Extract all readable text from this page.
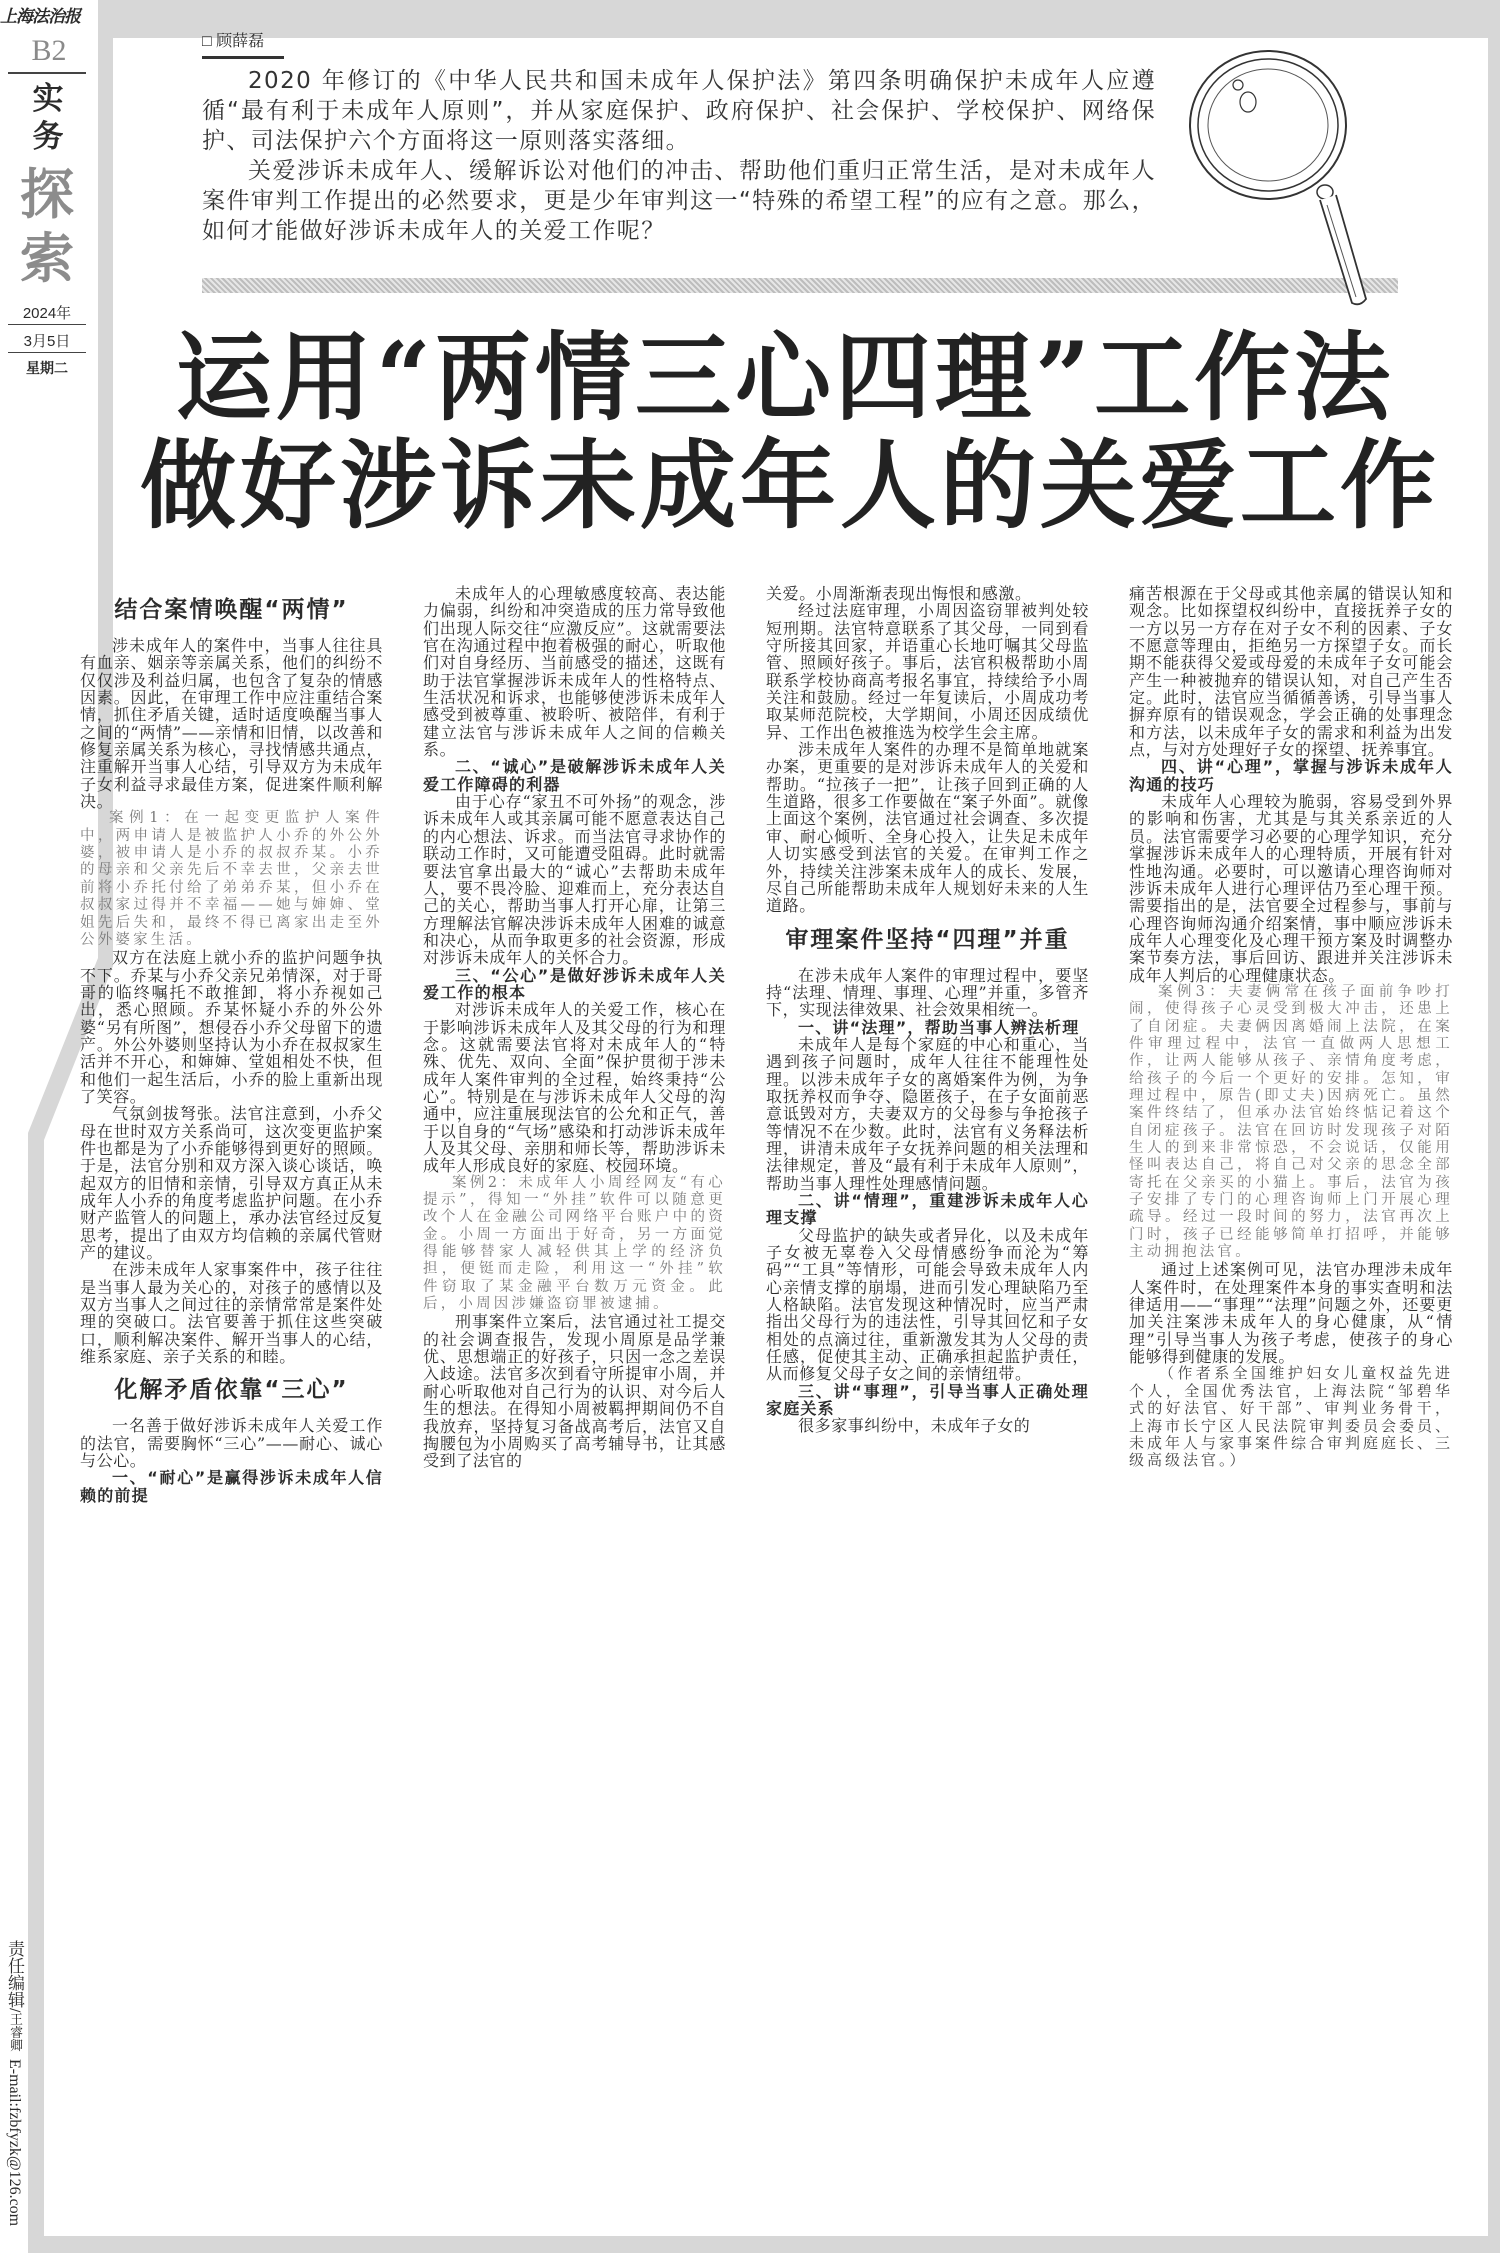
上海法治报
B2
实务
探索
2024年
3月5日
星期二
责任编辑/王睿卿E-mail:fzbfyzk@126.com
□ 顾薛磊

2020 年修订的《中华人民共和国未成年人保护法》第四条明确保护未成年人应遵循“最有利于未成年人原则”，并从家庭保护、政府保护、社会保护、学校保护、网络保护、司法保护六个方面将这一原则落实落细。

关爱涉诉未成年人、缓解诉讼对他们的冲击、帮助他们重归正常生活，是对未成年人案件审判工作提出的必然要求，更是少年审判这一“特殊的希望工程”的应有之意。那么，如何才能做好涉诉未成年人的关爱工作呢？

运用“两情三心四理”工作法
做好涉诉未成年人的关爱工作

结合案情唤醒“两情”

涉未成年人的案件中，当事人往往具有血亲、姻亲等亲属关系，他们的纠纷不仅仅涉及利益归属，也包含了复杂的情感因素。因此，在审理工作中应注重结合案情，抓住矛盾关键，适时适度唤醒当事人之间的“两情”——亲情和旧情，以改善和修复亲属关系为核心，寻找情感共通点，注重解开当事人心结，引导双方为未成年子女利益寻求最佳方案，促进案件顺利解决。

案例1：在一起变更监护人案件中，两申请人是被监护人小乔的外公外婆，被申请人是小乔的叔叔乔某。小乔的母亲和父亲先后不幸去世，父亲去世前将小乔托付给了弟弟乔某，但小乔在叔叔家过得并不幸福——她与婶婶、堂姐先后失和，最终不得已离家出走至外公外婆家生活。

双方在法庭上就小乔的监护问题争执不下。乔某与小乔父亲兄弟情深，对于哥哥的临终嘱托不敢推卸，将小乔视如己出，悉心照顾。乔某怀疑小乔的外公外婆“另有所图”，想侵吞小乔父母留下的遗产。外公外婆则坚持认为小乔在叔叔家生活并不开心，和婶婶、堂姐相处不快，但和他们一起生活后，小乔的脸上重新出现了笑容。

气氛剑拔弩张。法官注意到，小乔父母在世时双方关系尚可，这次变更监护案件也都是为了小乔能够得到更好的照顾。于是，法官分别和双方深入谈心谈话，唤起双方的旧情和亲情，引导双方真正从未成年人小乔的角度考虑监护问题。在小乔财产监管人的问题上，承办法官经过反复思考，提出了由双方均信赖的亲属代管财产的建议。

在涉未成年人家事案件中，孩子往往是当事人最为关心的，对孩子的感情以及双方当事人之间过往的亲情常常是案件处理的突破口。法官要善于抓住这些突破口，顺利解决案件、解开当事人的心结，维系家庭、亲子关系的和睦。

化解矛盾依靠“三心”

一名善于做好涉诉未成年人关爱工作的法官，需要胸怀“三心”——耐心、诚心与公心。

一、“耐心”是赢得涉诉未成年人信赖的前提

未成年人的心理敏感度较高、表达能力偏弱，纠纷和冲突造成的压力常导致他们出现人际交往“应激反应”。这就需要法官在沟通过程中抱着极强的耐心，听取他们对自身经历、当前感受的描述，这既有助于法官掌握涉诉未成年人的性格特点、生活状况和诉求，也能够使涉诉未成年人感受到被尊重、被聆听、被陪伴，有利于建立法官与涉诉未成年人之间的信赖关系。

二、“诚心”是破解涉诉未成年人关爱工作障碍的利器

由于心存“家丑不可外扬”的观念，涉诉未成年人或其亲属可能不愿意表达自己的内心想法、诉求。而当法官寻求协作的联动工作时，又可能遭受阻碍。此时就需要法官拿出最大的“诚心”去帮助未成年人，要不畏冷脸、迎难而上，充分表达自己的关心，帮助当事人打开心扉，让第三方理解法官解决涉诉未成年人困难的诚意和决心，从而争取更多的社会资源，形成对涉诉未成年人的关怀合力。

三、“公心”是做好涉诉未成年人关爱工作的根本

对涉诉未成年人的关爱工作，核心在于影响涉诉未成年人及其父母的行为和理念。这就需要法官将对未成年人的“特殊、优先、双向、全面”保护贯彻于涉未成年人案件审判的全过程，始终秉持“公心”。特别是在与涉诉未成年人父母的沟通中，应注重展现法官的公允和正气，善于以自身的“气场”感染和打动涉诉未成年人及其父母、亲朋和师长等，帮助涉诉未成年人形成良好的家庭、校园环境。

案例2：未成年人小周经网友“有心提示”，得知一“外挂”软件可以随意更改个人在金融公司网络平台账户中的资金。小周一方面出于好奇，另一方面觉得能够替家人减轻供其上学的经济负担，便铤而走险，利用这一“外挂”软件窃取了某金融平台数万元资金。此后，小周因涉嫌盗窃罪被逮捕。

刑事案件立案后，法官通过社工提交的社会调查报告，发现小周原是品学兼优、思想端正的好孩子，只因一念之差误入歧途。法官多次到看守所提审小周，并耐心听取他对自己行为的认识、对今后人生的想法。在得知小周被羁押期间仍不自我放弃，坚持复习备战高考后，法官又自掏腰包为小周购买了高考辅导书，让其感受到了法官的

关爱。小周渐渐表现出悔恨和感激。

经过法庭审理，小周因盗窃罪被判处较短刑期。法官特意联系了其父母，一同到看守所接其回家，并语重心长地叮嘱其父母监管、照顾好孩子。事后，法官积极帮助小周联系学校协商高考报名事宜，持续给予小周关注和鼓励。经过一年复读后，小周成功考取某师范院校，大学期间，小周还因成绩优异、工作出色被推选为校学生会主席。

涉未成年人案件的办理不是简单地就案办案，更重要的是对涉诉未成年人的关爱和帮助。“拉孩子一把”，让孩子回到正确的人生道路，很多工作要做在“案子外面”。就像上面这个案例，法官通过社会调查、多次提审、耐心倾听、全身心投入，让失足未成年人切实感受到法官的关爱。在审判工作之外，持续关注涉案未成年人的成长、发展，尽自己所能帮助未成年人规划好未来的人生道路。

审理案件坚持“四理”并重

在涉未成年人案件的审理过程中，要坚持“法理、情理、事理、心理”并重，多管齐下，实现法律效果、社会效果相统一。

一、讲“法理”，帮助当事人辨法析理

未成年人是每个家庭的中心和重心，当遇到孩子问题时，成年人往往不能理性处理。以涉未成年子女的离婚案件为例，为争取抚养权而争夺、隐匿孩子，在子女面前恶意诋毁对方，夫妻双方的父母参与争抢孩子等情况不在少数。此时，法官有义务释法析理，讲清未成年子女抚养问题的相关法理和法律规定，普及“最有利于未成年人原则”，帮助当事人理性处理感情问题。

二、讲“情理”，重建涉诉未成年人心理支撑

父母监护的缺失或者异化，以及未成年子女被无辜卷入父母情感纷争而沦为“筹码”“工具”等情形，可能会导致未成年人内心亲情支撑的崩塌，进而引发心理缺陷乃至人格缺陷。法官发现这种情况时，应当严肃指出父母行为的违法性，引导其回忆和子女相处的点滴过往，重新激发其为人父母的责任感，促使其主动、正确承担起监护责任，从而修复父母子女之间的亲情纽带。

三、讲“事理”，引导当事人正确处理家庭关系

很多家事纠纷中，未成年子女的

痛苦根源在于父母或其他亲属的错误认知和观念。比如探望权纠纷中，直接抚养子女的一方以另一方存在对子女不利的因素、子女不愿意等理由，拒绝另一方探望子女。而长期不能获得父爱或母爱的未成年子女可能会产生一种被抛弃的错误认知，对自己产生否定。此时，法官应当循循善诱，引导当事人摒弃原有的错误观念，学会正确的处事理念和方法，以未成年子女的需求和利益为出发点，与对方处理好子女的探望、抚养事宜。

四、讲“心理”，掌握与涉诉未成年人沟通的技巧

未成年人心理较为脆弱，容易受到外界的影响和伤害，尤其是与其关系亲近的人员。法官需要学习必要的心理学知识，充分掌握涉诉未成年人的心理特质，开展有针对性地沟通。必要时，可以邀请心理咨询师对涉诉未成年人进行心理评估乃至心理干预。需要指出的是，法官要全过程参与，事前与心理咨询师沟通介绍案情，事中顺应涉诉未成年人心理变化及心理干预方案及时调整办案节奏方法，事后回访、跟进并关注涉诉未成年人判后的心理健康状态。

案例3：夫妻俩常在孩子面前争吵打闹，使得孩子心灵受到极大冲击，还患上了自闭症。夫妻俩因离婚闹上法院，在案件审理过程中，法官一直做两人思想工作，让两人能够从孩子、亲情角度考虑，给孩子的今后一个更好的安排。怎知，审理过程中，原告(即丈夫)因病死亡。虽然案件终结了，但承办法官始终惦记着这个自闭症孩子。法官在回访时发现孩子对陌生人的到来非常惊恐，不会说话，仅能用怪叫表达自己，将自己对父亲的思念全部寄托在父亲买的小猫上。事后，法官为孩子安排了专门的心理咨询师上门开展心理疏导。经过一段时间的努力，法官再次上门时，孩子已经能够简单打招呼，并能够主动拥抱法官。

通过上述案例可见，法官办理涉未成年人案件时，在处理案件本身的事实查明和法律适用——“事理”“法理”问题之外，还要更加关注案涉未成年人的身心健康，从“情理”引导当事人为孩子考虑，使孩子的身心能够得到健康的发展。

（作者系全国维护妇女儿童权益先进个人，全国优秀法官，上海法院“邹碧华式的好法官、好干部”、审判业务骨干，上海市长宁区人民法院审判委员会委员、未成年人与家事案件综合审判庭庭长、三级高级法官。）
